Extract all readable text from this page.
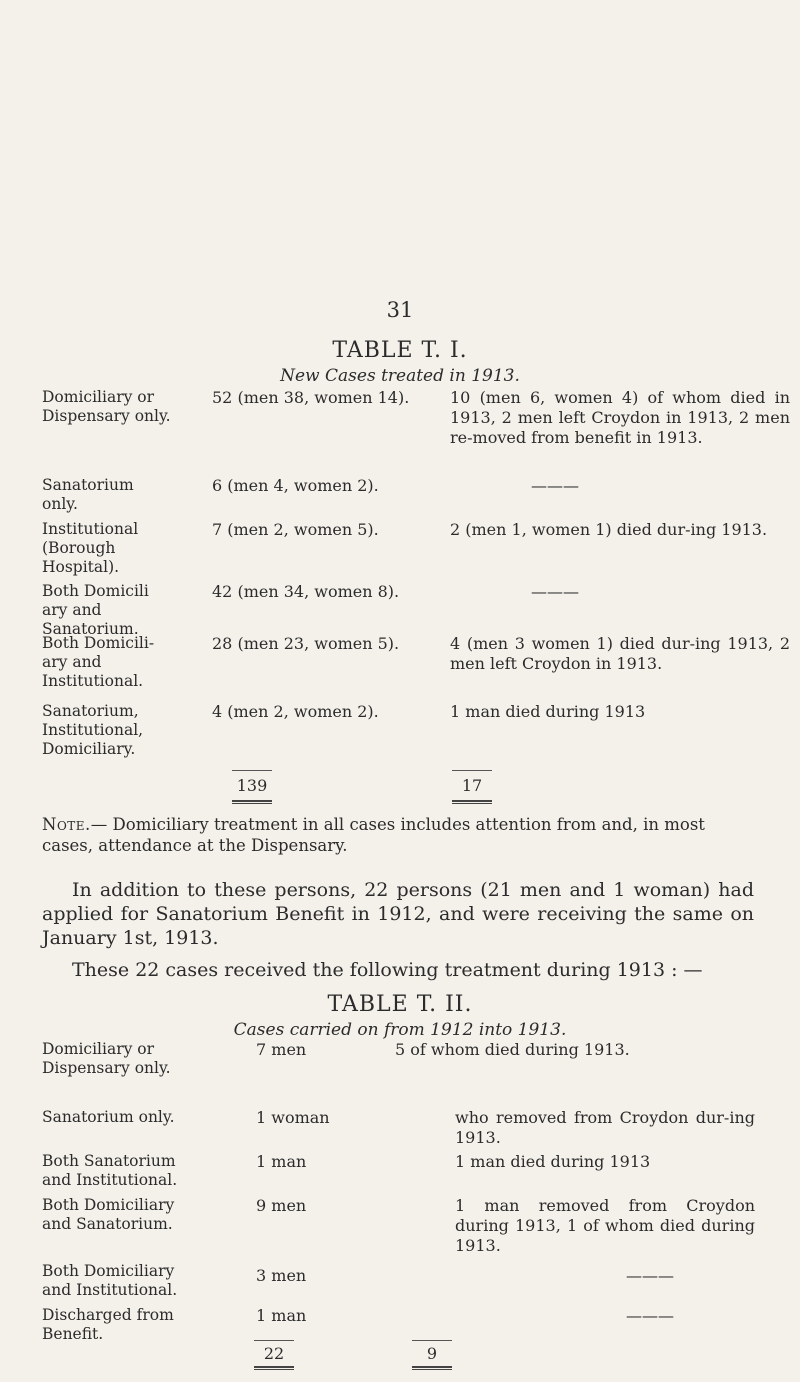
31
TABLE T. I.
New Cases treated in 1913.
Domiciliary or Dispensary only.
52 (men 38, women 14).	10 (men 6, women 4) of whom died in 1913, 2 men left Croydon in 1913, 2 men re-moved from benefit in 1913.
Sanatorium only.
6 (men 4, women 2).	———
Institutional (Borough Hospital).
7 (men 2, women 5).	2 (men 1, women 1) died dur-ing 1913.
Both Domicili ary and Sanatorium.
42 (men 34, women 8).	———
Both Domicili-ary and Institutional.
28 (men 23, women 5).	4 (men 3 women 1) died dur-ing 1913, 2 men left Croydon in 1913.
Sanatorium, Institutional, Domiciliary.
4 (men 2, women 2).	1 man died during 1913
139	17
Note.— Domiciliary treatment in all cases includes attention from and, in most cases, attendance at the Dispensary.
In addition to these persons, 22 persons (21 men and 1 woman) had applied for Sanatorium Benefit in 1912, and were receiving the same on January 1st, 1913.
These 22 cases received the following treatment during 1913 : —
TABLE T. II.
Cases carried on from 1912 into 1913.
Domiciliary or Dispensary only.
7 men	5 of whom died during 1913.
Sanatorium only.	1 woman	who removed from Croydon dur-ing 1913.
Both Sanatorium and Institutional.
1 man	1 man died during 1913
Both Domiciliary and Sanatorium.
9 men	1 man removed from Croydon during 1913, 1 of whom died during 1913.
Both Domiciliary and Institutional.
3 men	———
Discharged from Benefit.
1 man	———
22	9
